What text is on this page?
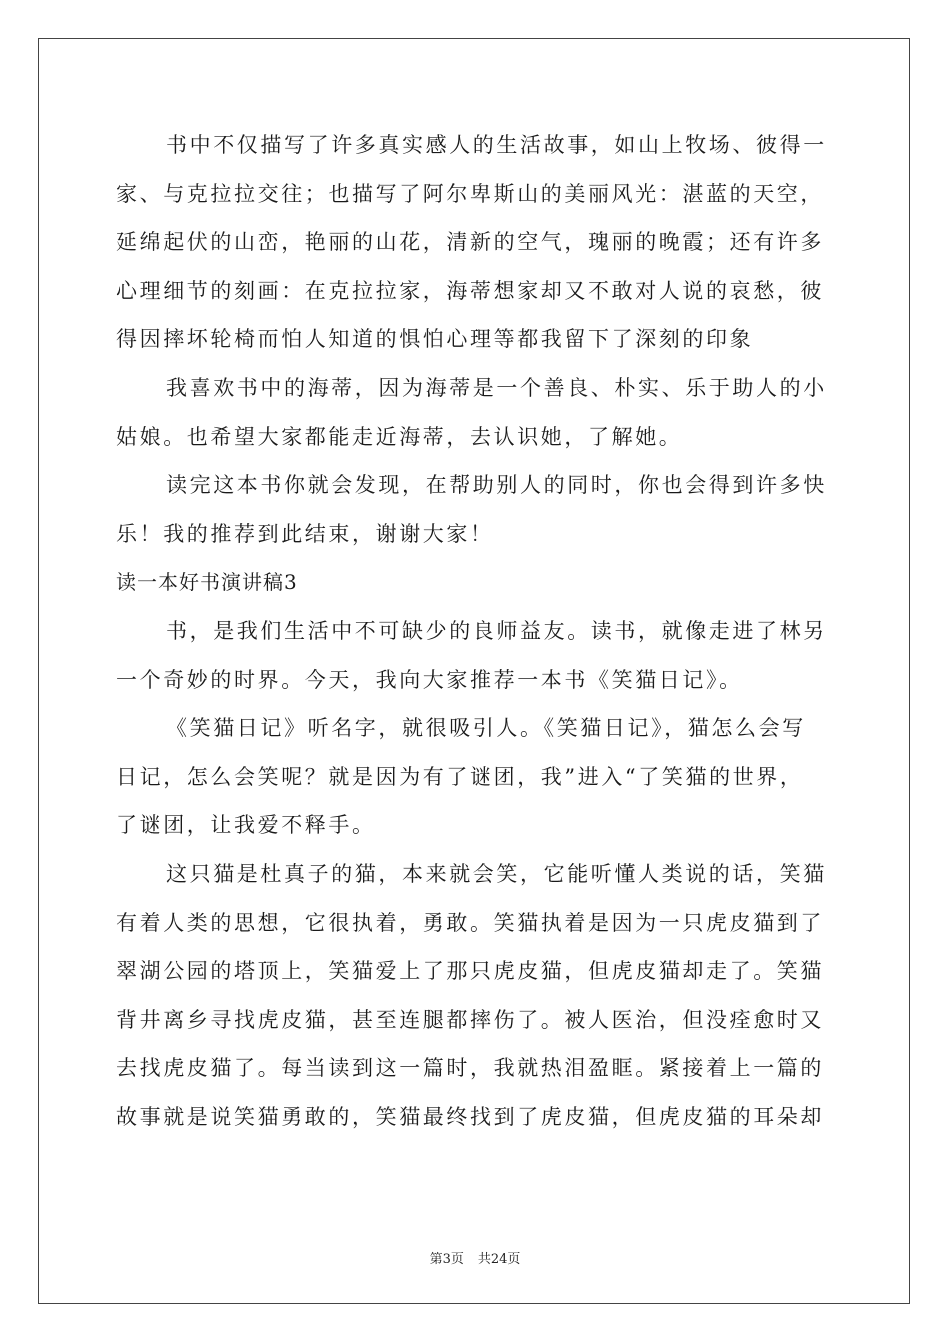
书中不仅描写了许多真实感人的生活故事，如山上牧场、彼得一
家、与克拉拉交往；也描写了阿尔卑斯山的美丽风光：湛蓝的天空，
延绵起伏的山峦，艳丽的山花，清新的空气，瑰丽的晚霞；还有许多
心理细节的刻画：在克拉拉家，海蒂想家却又不敢对人说的哀愁，彼
得因摔坏轮椅而怕人知道的惧怕心理等都我留下了深刻的印象
我喜欢书中的海蒂，因为海蒂是一个善良、朴实、乐于助人的小
姑娘。也希望大家都能走近海蒂，去认识她，了解她。
读完这本书你就会发现，在帮助别人的同时，你也会得到许多快
乐！我的推荐到此结束，谢谢大家！
读一本好书演讲稿3
书，是我们生活中不可缺少的良师益友。读书，就像走进了林另
一个奇妙的时界。今天，我向大家推荐一本书《笑猫日记》。
《笑猫日记》听名字，就很吸引人。《笑猫日记》，猫怎么会写
日记，怎么会笑呢？就是因为有了谜团，我”进入“了笑猫的世界，
了谜团，让我爱不释手。
这只猫是杜真子的猫，本来就会笑，它能听懂人类说的话，笑猫
有着人类的思想，它很执着，勇敢。笑猫执着是因为一只虎皮猫到了
翠湖公园的塔顶上，笑猫爱上了那只虎皮猫，但虎皮猫却走了。笑猫
背井离乡寻找虎皮猫，甚至连腿都摔伤了。被人医治，但没痊愈时又
去找虎皮猫了。每当读到这一篇时，我就热泪盈眶。紧接着上一篇的
故事就是说笑猫勇敢的，笑猫最终找到了虎皮猫，但虎皮猫的耳朵却
第3页 共24页
